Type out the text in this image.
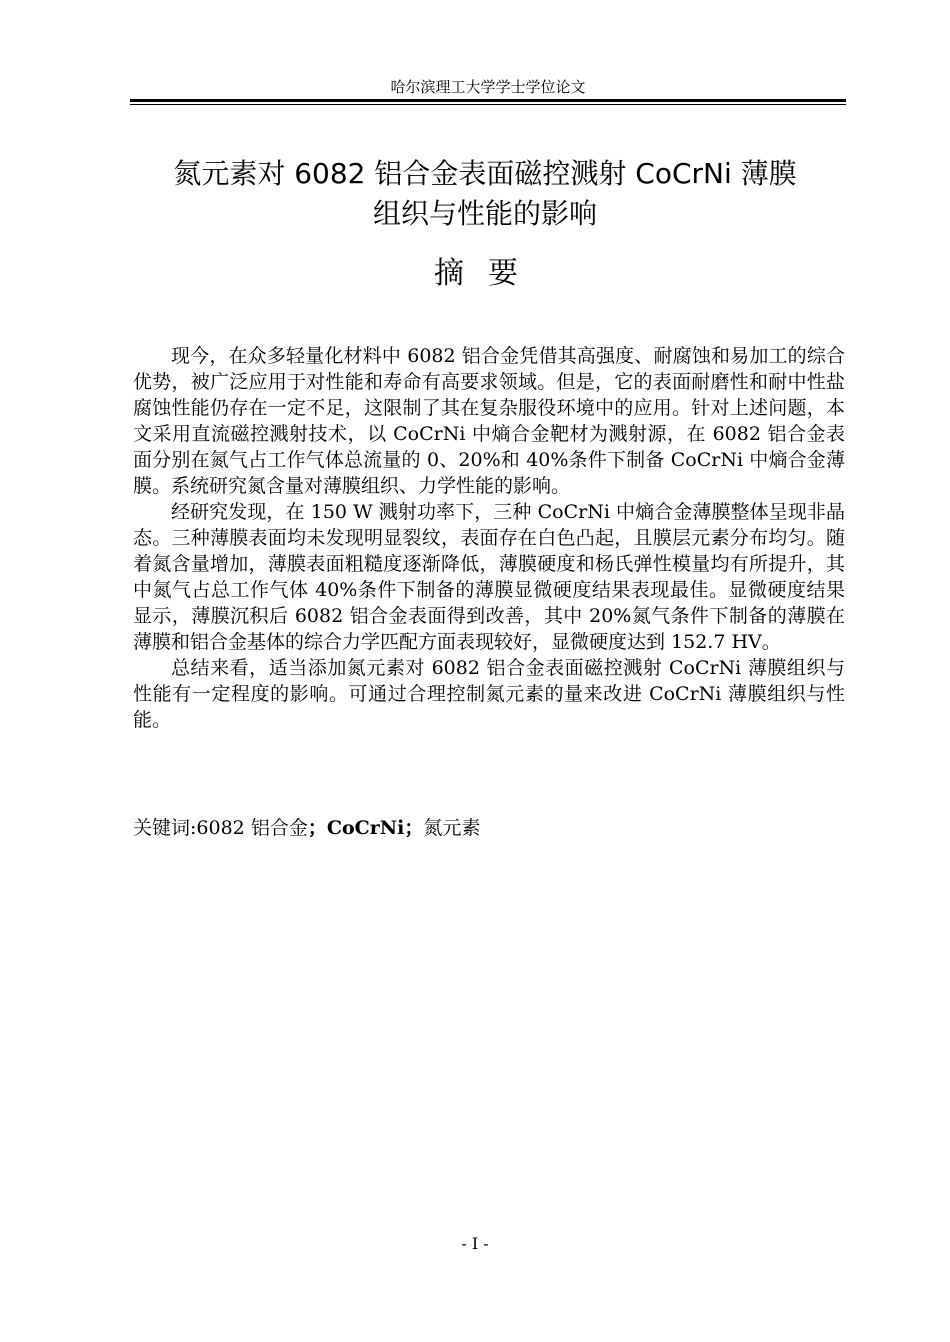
哈尔滨理工大学学士学位论文
氮元素对 6082 铝合金表面磁控溅射 CoCrNi 薄膜
组织与性能的影响
摘要

现今，在众多轻量化材料中 6082 铝合金凭借其高强度、耐腐蚀和易加工的综合优势，被广泛应用于对性能和寿命有高要求领域。但是，它的表面耐磨性和耐中性盐腐蚀性能仍存在一定不足，这限制了其在复杂服役环境中的应用。针对上述问题，本文采用直流磁控溅射技术，以 CoCrNi 中熵合金靶材为溅射源，在 6082 铝合金表面分别在氮气占工作气体总流量的 0、20%和 40%条件下制备 CoCrNi 中熵合金薄膜。系统研究氮含量对薄膜组织、力学性能的影响。

经研究发现，在 150 W 溅射功率下，三种 CoCrNi 中熵合金薄膜整体呈现非晶态。三种薄膜表面均未发现明显裂纹，表面存在白色凸起，且膜层元素分布均匀。随着氮含量增加，薄膜表面粗糙度逐渐降低，薄膜硬度和杨氏弹性模量均有所提升，其中氮气占总工作气体 40%条件下制备的薄膜显微硬度结果表现最佳。显微硬度结果显示，薄膜沉积后 6082 铝合金表面得到改善，其中 20%氮气条件下制备的薄膜在薄膜和铝合金基体的综合力学匹配方面表现较好，显微硬度达到 152.7 HV。

总结来看，适当添加氮元素对 6082 铝合金表面磁控溅射 CoCrNi 薄膜组织与性能有一定程度的影响。可通过合理控制氮元素的量来改进 CoCrNi 薄膜组织与性能。

关键词:6082 铝合金；CoCrNi；氮元素
- I -
